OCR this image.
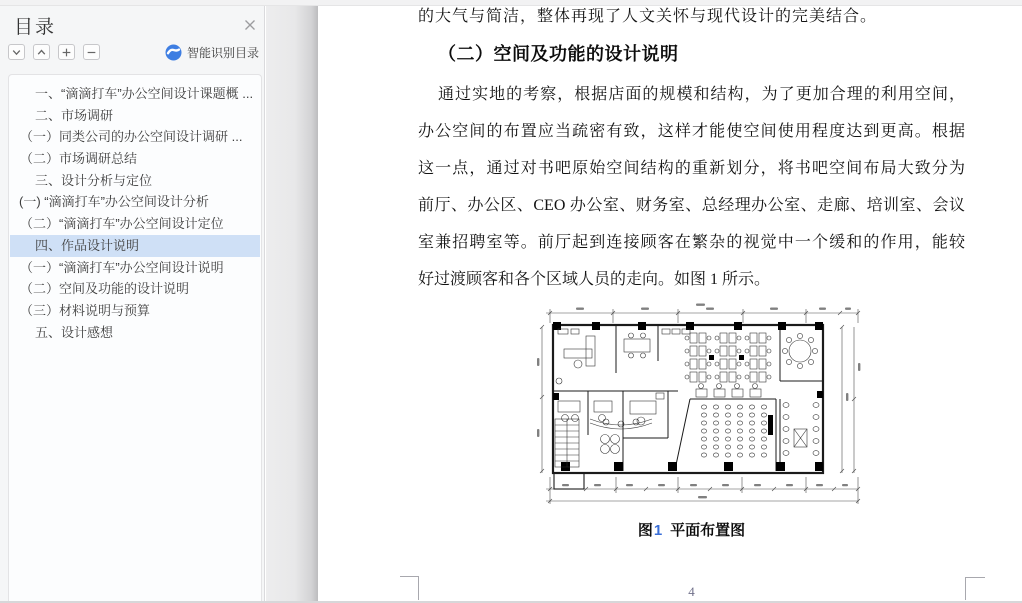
目录
智能识别目录
一、“滴滴打车”办公空间设计课题概 ...
二、市场调研
（一）同类公司的办公空间设计调研 ...
（二）市场调研总结
三、设计分析与定位
(一) “滴滴打车”办公空间设计分析
（二）“滴滴打车”办公空间设计定位
四、作品设计说明
（一）“滴滴打车”办公空间设计说明
（二）空间及功能的设计说明
（三）材料说明与预算
五、设计感想
的大气与简洁，整体再现了人文关怀与现代设计的完美结合。
（二）空间及功能的设计说明
通过实地的考察，根据店面的规模和结构，为了更加合理的利用空间，
办公空间的布置应当疏密有致，这样才能使空间使用程度达到更高。根据
这一点，通过对书吧原始空间结构的重新划分，将书吧空间布局大致分为
前厅、办公区、CEO 办公室、财务室、总经理办公室、走廊、培训室、会议
室兼招聘室等。前厅起到连接顾客在繁杂的视觉中一个缓和的作用，能较
好过渡顾客和各个区域人员的走向。如图 1 所示。
图1 平面布置图
4
